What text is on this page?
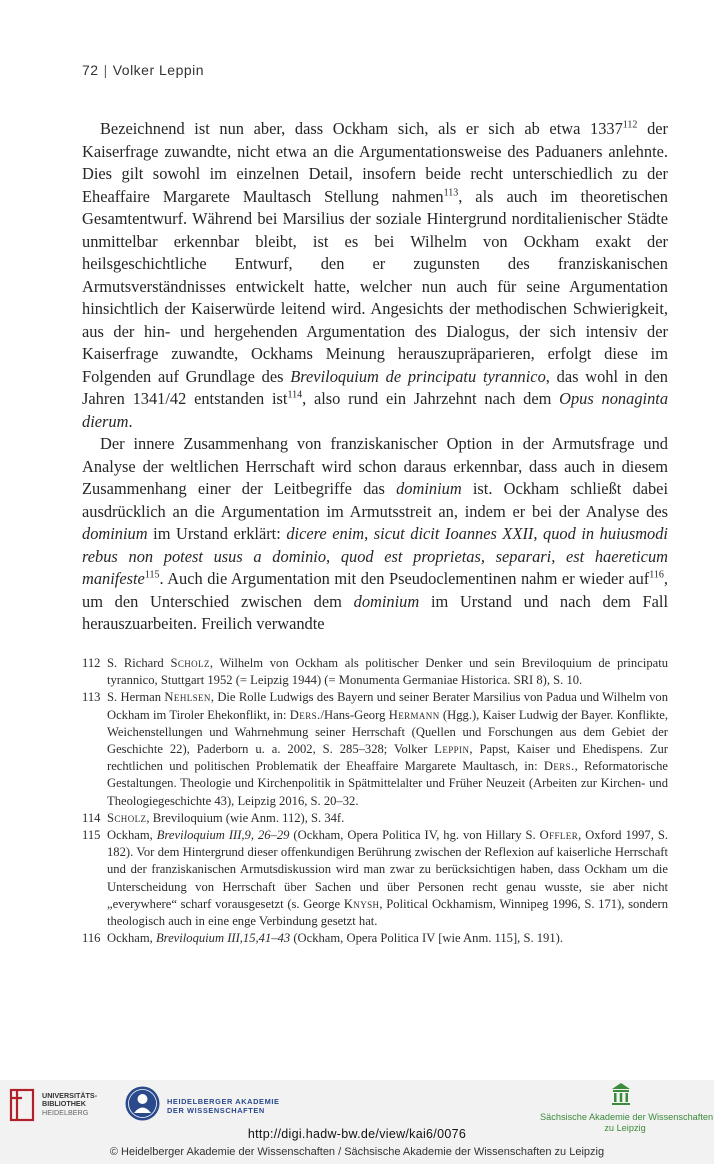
72 | Volker Leppin

Bezeichnend ist nun aber, dass Ockham sich, als er sich ab etwa 1337$^{112}$ der Kaiserfrage zuwandte, nicht etwa an die Argumentationsweise des Paduaners anlehnte. Dies gilt sowohl im einzelnen Detail, insofern beide recht unterschiedlich zu der Eheaffaire Margarete Maultasch Stellung nahmen$^{113}$, als auch im theoretischen Gesamtentwurf. Während bei Marsilius der soziale Hintergrund norditalienischer Städte unmittelbar erkennbar bleibt, ist es bei Wilhelm von Ockham exakt der heilsgeschichtliche Entwurf, den er zugunsten des franziskanischen Armutsverständnisses entwickelt hatte, welcher nun auch für seine Argumentation hinsichtlich der Kaiserwürde leitend wird. Angesichts der methodischen Schwierigkeit, aus der hin- und hergehenden Argumentation des Dialogus, der sich intensiv der Kaiserfrage zuwandte, Ockhams Meinung herauszupräparieren, erfolgt diese im Folgenden auf Grundlage des Breviloquium de principatu tyrannico, das wohl in den Jahren 1341/42 entstanden ist$^{114}$, also rund ein Jahrzehnt nach dem Opus nonaginta dierum.

Der innere Zusammenhang von franziskanischer Option in der Armutsfrage und Analyse der weltlichen Herrschaft wird schon daraus erkennbar, dass auch in diesem Zusammenhang einer der Leitbegriffe das dominium ist. Ockham schließt dabei ausdrücklich an die Argumentation im Armutsstreit an, indem er bei der Analyse des dominium im Urstand erklärt: dicere enim, sicut dicit Ioannes XXII, quod in huiusmodi rebus non potest usus a dominio, quod est proprietas, separari, est haereticum manifeste$^{115}$. Auch die Argumentation mit den Pseudoclementinen nahm er wieder auf$^{116}$, um den Unterschied zwischen dem dominium im Urstand und nach dem Fall herauszuarbeiten. Freilich verwandte

112 S. Richard Scholz, Wilhelm von Ockham als politischer Denker und sein Breviloquium de principatu tyrannico, Stuttgart 1952 (= Leipzig 1944) (= Monumenta Germaniae Historica. SRI 8), S. 10.

113 S. Herman Nehlsen, Die Rolle Ludwigs des Bayern und seiner Berater Marsilius von Padua und Wilhelm von Ockham im Tiroler Ehekonflikt, in: Ders./Hans-Georg Hermann (Hgg.), Kaiser Ludwig der Bayer. Konflikte, Weichenstellungen und Wahrnehmung seiner Herrschaft (Quellen und Forschungen aus dem Gebiet der Geschichte 22), Paderborn u. a. 2002, S. 285–328; Volker Leppin, Papst, Kaiser und Ehedispens. Zur rechtlichen und politischen Problematik der Eheaffaire Margarete Maultasch, in: Ders., Reformatorische Gestaltungen. Theologie und Kirchenpolitik in Spätmittelalter und Früher Neuzeit (Arbeiten zur Kirchen- und Theologiegeschichte 43), Leipzig 2016, S. 20–32.

114 Scholz, Breviloquium (wie Anm. 112), S. 34f.

115 Ockham, Breviloquium III,9, 26–29 (Ockham, Opera Politica IV, hg. von Hillary S. Offler, Oxford 1997, S. 182). Vor dem Hintergrund dieser offenkundigen Berührung zwischen der Reflexion auf kaiserliche Herrschaft und der franziskanischen Armutsdiskussion wird man zwar zu berücksichtigen haben, dass Ockham um die Unterscheidung von Herrschaft über Sachen und über Personen recht genau wusste, sie aber nicht „everywhere“ scharf vorausgesetzt (s. George Knysh, Political Ockhamism, Winnipeg 1996, S. 171), sondern theologisch auch in eine enge Verbindung gesetzt hat.

116 Ockham, Breviloquium III,15,41–43 (Ockham, Opera Politica IV [wie Anm. 115], S. 191).

UNIVERSITÄTS-
BIBLIOTHEK
HEIDELBERG
HEIDELBERGER AKADEMIE
DER WISSENSCHAFTEN
Sächsische Akademie der Wissenschaften
zu Leipzig
http://digi.hadw-bw.de/view/kai6/0076
© Heidelberger Akademie der Wissenschaften / Sächsische Akademie der Wissenschaften zu Leipzig
